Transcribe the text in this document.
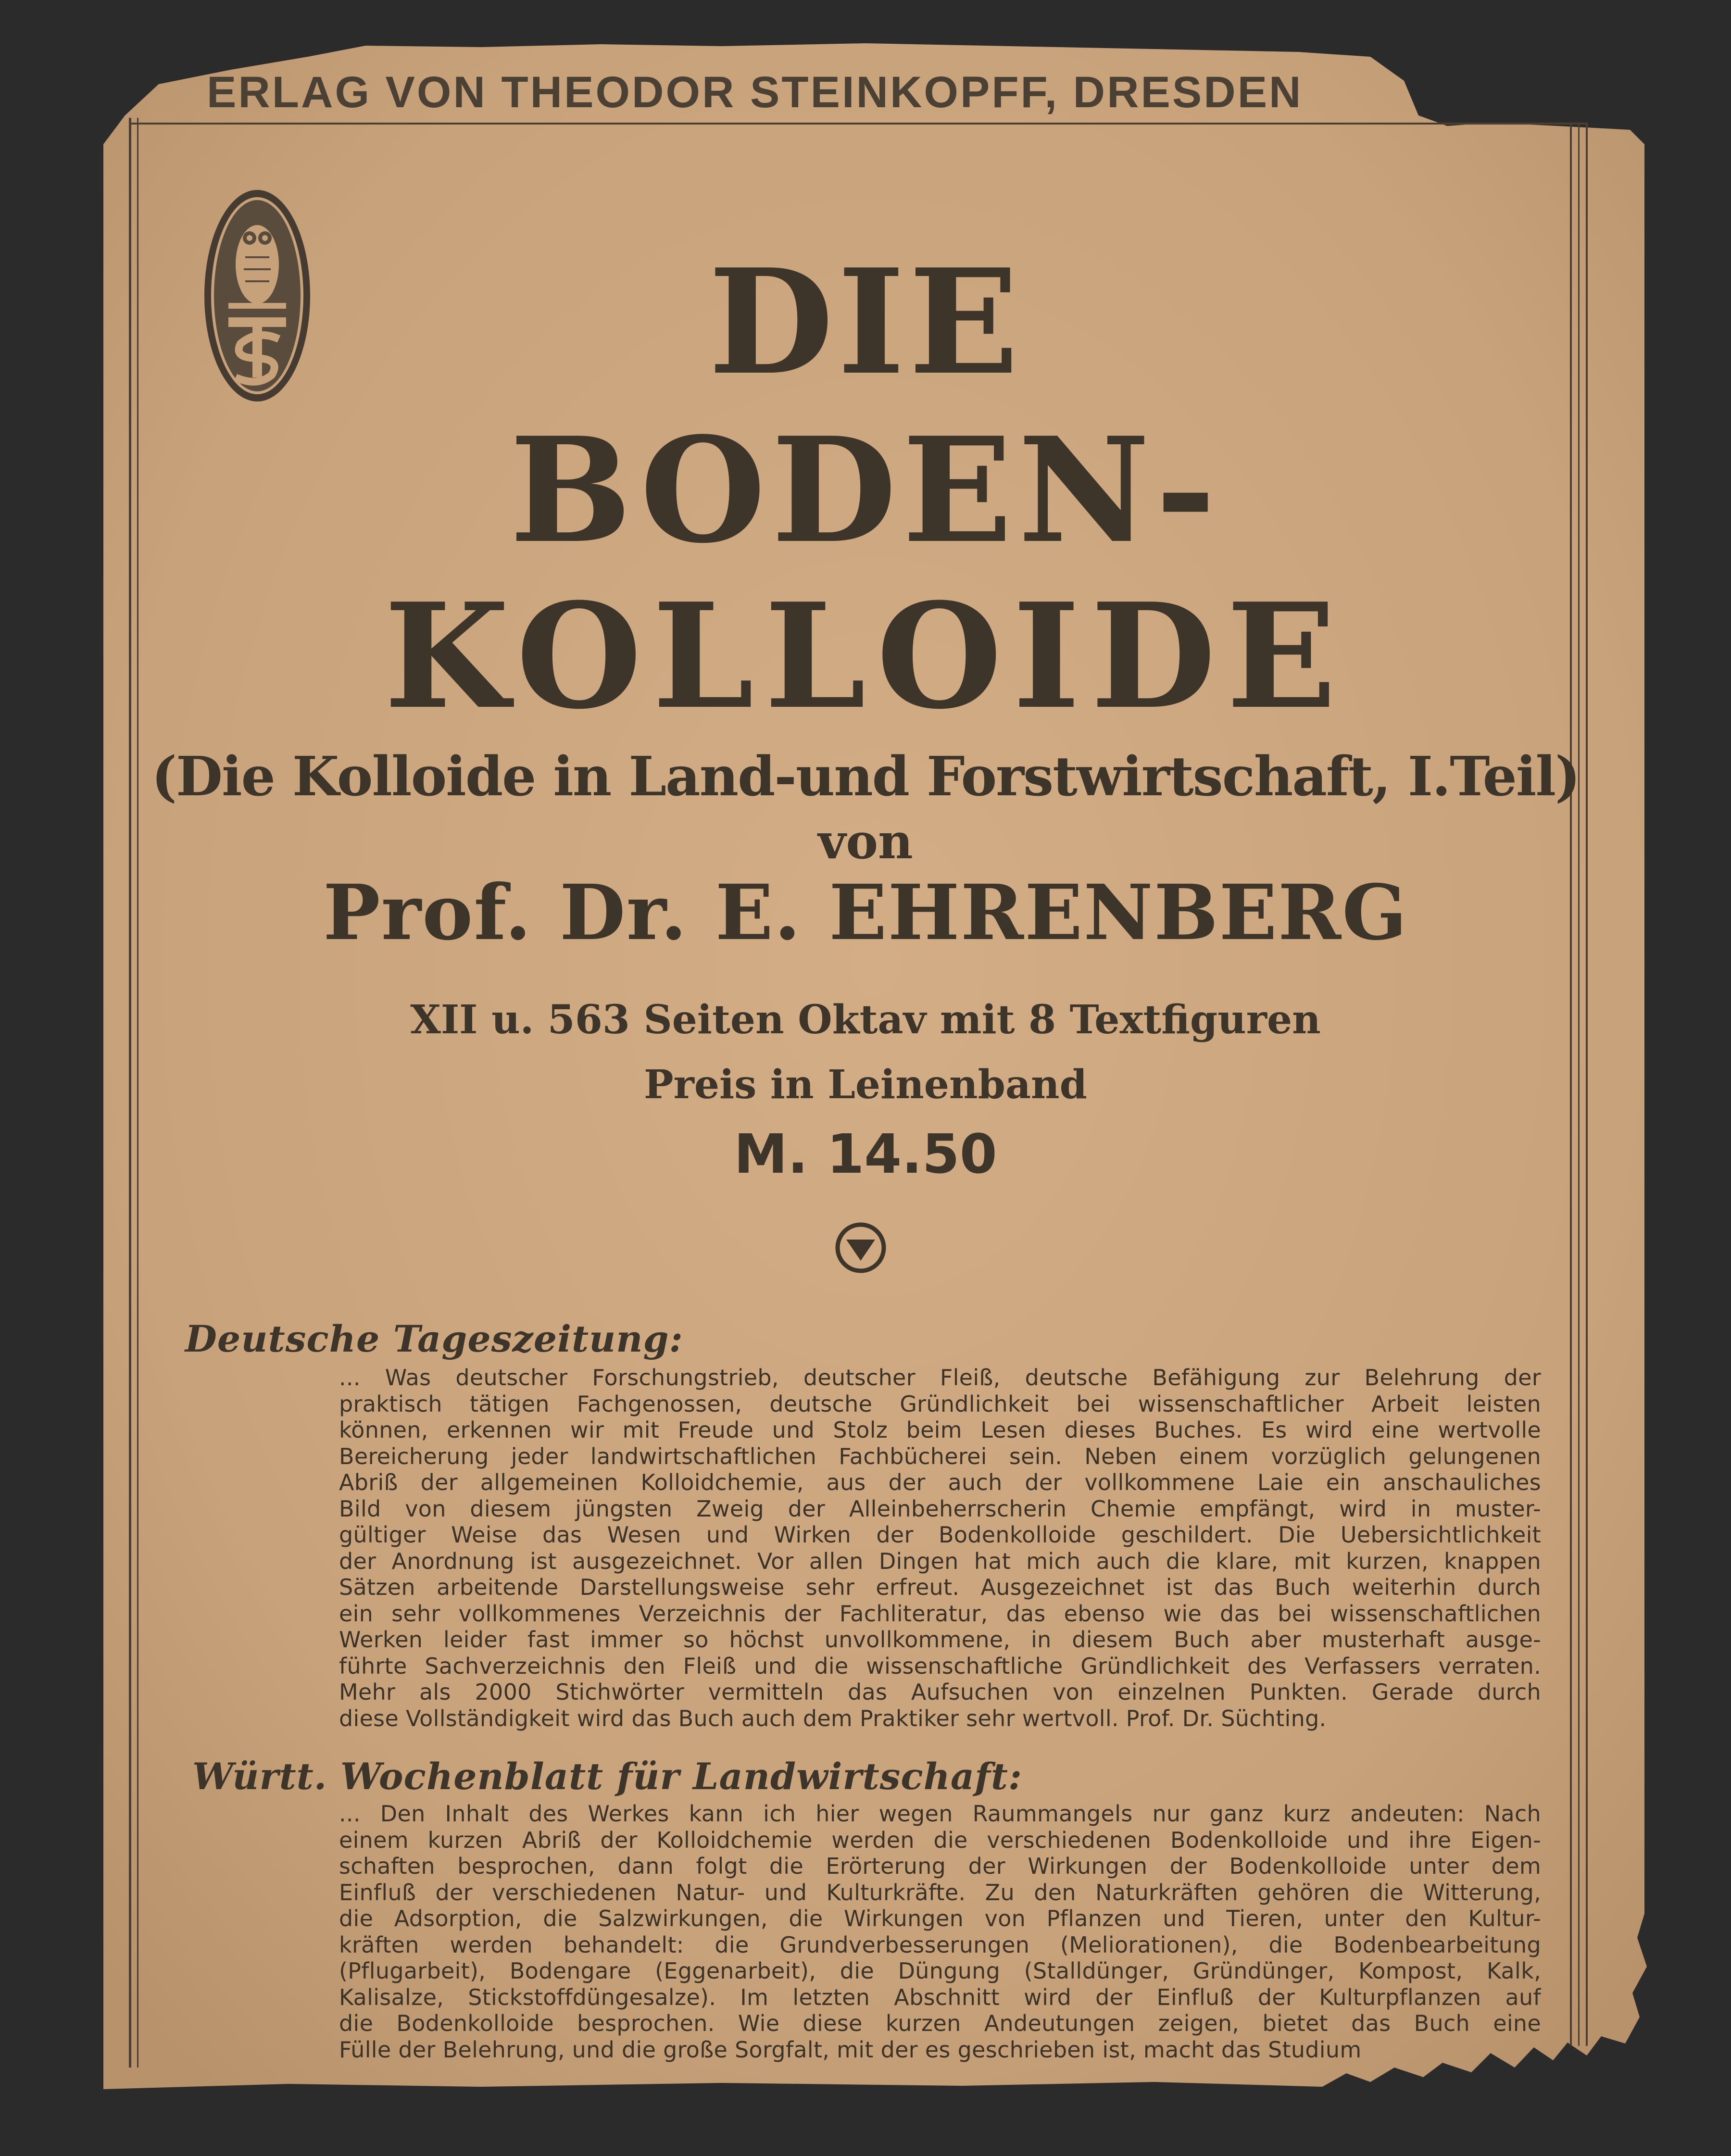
ERLAG VON THEODOR STEINKOPFF, DRESDEN
DIE
BODEN-
KOLLOIDE
(Die Kolloide in Land-und Forstwirtschaft, I.Teil)
von
Prof. Dr. E. EHRENBERG
XII u. 563 Seiten Oktav mit 8 Textfiguren
Preis in Leinenband
M. 14.50
Deutsche Tageszeitung:
... Was deutscher Forschungstrieb, deutscher Fleiß, deutsche Befähigung zur Belehrung der
praktisch tätigen Fachgenossen, deutsche Gründlichkeit bei wissenschaftlicher Arbeit leisten
können, erkennen wir mit Freude und Stolz beim Lesen dieses Buches. Es wird eine wertvolle
Bereicherung jeder landwirtschaftlichen Fachbücherei sein. Neben einem vorzüglich gelungenen
Abriß der allgemeinen Kolloidchemie, aus der auch der vollkommene Laie ein anschauliches
Bild von diesem jüngsten Zweig der Alleinbeherrscherin Chemie empfängt, wird in muster-
gültiger Weise das Wesen und Wirken der Bodenkolloide geschildert. Die Uebersichtlichkeit
der Anordnung ist ausgezeichnet. Vor allen Dingen hat mich auch die klare, mit kurzen, knappen
Sätzen arbeitende Darstellungsweise sehr erfreut. Ausgezeichnet ist das Buch weiterhin durch
ein sehr vollkommenes Verzeichnis der Fachliteratur, das ebenso wie das bei wissenschaftlichen
Werken leider fast immer so höchst unvollkommene, in diesem Buch aber musterhaft ausge-
führte Sachverzeichnis den Fleiß und die wissenschaftliche Gründlichkeit des Verfassers verraten.
Mehr als 2000 Stichwörter vermitteln das Aufsuchen von einzelnen Punkten. Gerade durch
diese Vollständigkeit wird das Buch auch dem Praktiker sehr wertvoll. Prof. Dr. Süchting.
Württ. Wochenblatt für Landwirtschaft:
... Den Inhalt des Werkes kann ich hier wegen Raummangels nur ganz kurz andeuten: Nach
einem kurzen Abriß der Kolloidchemie werden die verschiedenen Bodenkolloide und ihre Eigen-
schaften besprochen, dann folgt die Erörterung der Wirkungen der Bodenkolloide unter dem
Einfluß der verschiedenen Natur- und Kulturkräfte. Zu den Naturkräften gehören die Witterung,
die Adsorption, die Salzwirkungen, die Wirkungen von Pflanzen und Tieren, unter den Kultur-
kräften werden behandelt: die Grundverbesserungen (Meliorationen), die Bodenbearbeitung
(Pflugarbeit), Bodengare (Eggenarbeit), die Düngung (Stalldünger, Gründünger, Kompost, Kalk,
Kalisalze, Stickstoffdüngesalze). Im letzten Abschnitt wird der Einfluß der Kulturpflanzen auf
die Bodenkolloide besprochen. Wie diese kurzen Andeutungen zeigen, bietet das Buch eine
Fülle der Belehrung, und die große Sorgfalt, mit der es geschrieben ist, macht das Studium
